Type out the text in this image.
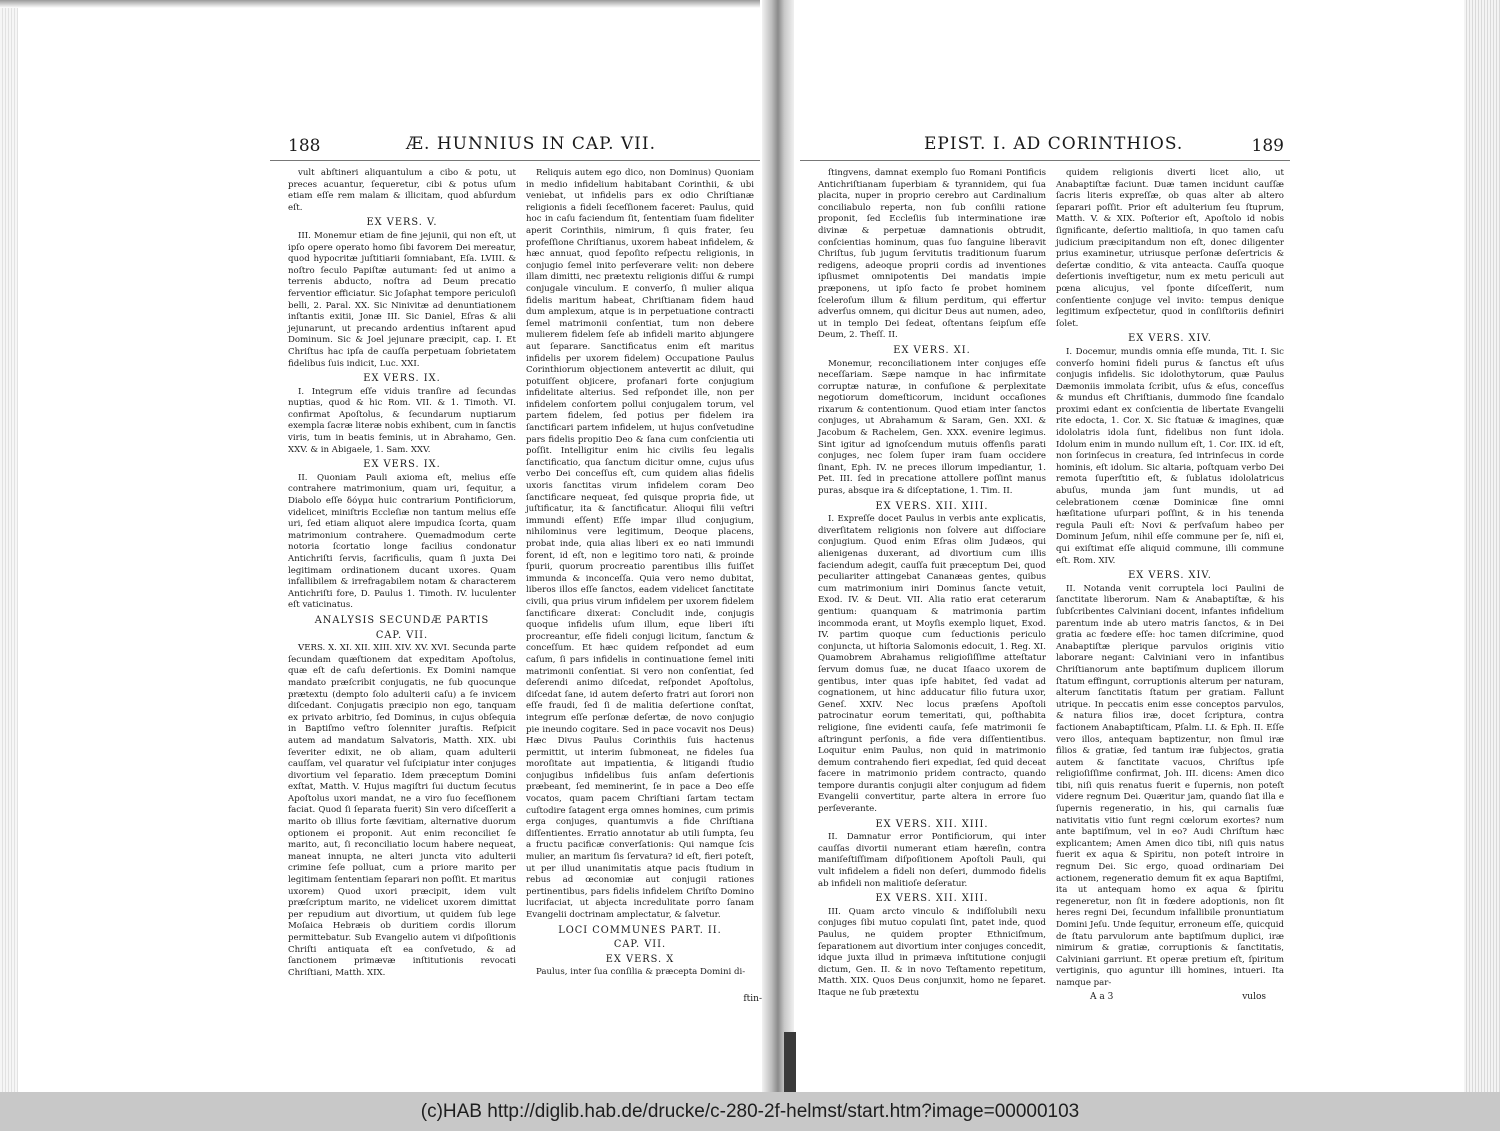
188	Æ. HUNNIUS IN CAP. VII.

vult abſtineri aliquantulum a cibo & potu, ut preces acuantur, ſequeretur, cibi & potus uſum etiam eſſe rem malam & illicitam, quod abſurdum eſt.

EX VERS. V.

III. Monemur etiam de fine jejunii, qui non eſt, ut ipſo opere operato homo ſibi favorem Dei mereatur, quod hypocritæ juſtitiarii ſomniabant, Eſa. LVIII. & noſtro ſeculo Papiſtæ autumant: ſed ut animo a terrenis abducto, noſtra ad Deum precatio ferventior efficiatur. Sic Joſaphat tempore periculoſi belli, 2. Paral. XX. Sic Ninivitæ ad denuntiationem inſtantis exitii, Jonæ III. Sic Daniel, Eſras & alii jejunarunt, ut precando ardentius inſtarent apud Dominum. Sic & Joel jejunare præcipit, cap. I. Et Chriſtus hac ipſa de cauſſa perpetuam ſobrietatem fidelibus ſuis indicit, Luc. XXI.

EX VERS. IX.

I. Integrum eſſe viduis tranſire ad ſecundas nuptias, quod & hic Rom. VII. & 1. Timoth. VI. confirmat Apoſtolus, & ſecundarum nuptiarum exempla ſacræ literæ nobis exhibent, cum in ſanctis viris, tum in beatis feminis, ut in Abrahamo, Gen. XXV. & in Abigaele, 1. Sam. XXV.

EX VERS. IX.

II. Quoniam Pauli axioma eſt, melius eſſe contrahere matrimonium, quam uri, ſequitur, a Diabolo eſſe δόγμα huic contrarium Pontificiorum, videlicet, miniſtris Eccleſiæ non tantum melius eſſe uri, ſed etiam aliquot alere impudica ſcorta, quam matrimonium contrahere. Quemadmodum certe notoria ſcortatio longe facilius condonatur Antichriſti ſervis, ſacrificulis, quam ſi juxta Dei legitimam ordinationem ducant uxores. Quam infallibilem & irrefragabilem notam & characterem Antichriſti fore, D. Paulus 1. Timoth. IV. luculenter eſt vaticinatus.

ANALYSIS SECUNDÆ PARTIS
CAP. VII.

VERS. X. XI. XII. XIII. XIV. XV. XVI. Secunda parte ſecundam quæſtionem dat expeditam Apoſtolus, quæ eſt de caſu deſertionis. Ex Domini namque mandato præſcribit conjugatis, ne ſub quocunque prætextu (dempto ſolo adulterii caſu) a ſe invicem diſcedant. Conjugatis præcipio non ego, tanquam ex privato arbitrio, ſed Dominus, in cujus obſequia in Baptiſmo veſtro ſolenniter juraſtis. Reſpicit autem ad mandatum Salvatoris, Matth. XIX. ubi ſeveriter edixit, ne ob aliam, quam adulterii cauſſam, vel quaratur vel ſuſcipiatur inter conjuges divortium vel ſeparatio. Idem præceptum Domini exſtat, Matth. V. Hujus magiſtri ſui ductum ſecutus Apoſtolus uxori mandat, ne a viro ſuo ſeceſſionem faciat. Quod ſi ſeparata fuerit) Sin vero diſceſſerit a marito ob illius forte ſævitiam, alternative duorum optionem ei proponit. Aut enim reconciliet ſe marito, aut, ſi reconciliatio locum habere nequeat, maneat innupta, ne alteri juncta vito adulterii crimine ſeſe polluat, cum a priore marito per legitimam ſententiam ſeparari non poſſit. Et maritus uxorem) Quod uxori præcipit, idem vult præſcriptum marito, ne videlicet uxorem dimittat per repudium aut divortium, ut quidem ſub lege Moſaica Hebræis ob duritiem cordis illorum permittebatur. Sub Evangelio autem vi diſpoſitionis Chriſti antiquata eſt ea conſvetudo, & ad ſanctionem primævæ inſtitutionis revocati Chriſtiani, Matth. XIX.

Reliquis autem ego dico, non Dominus) Quoniam in medio infidelium habitabant Corinthii, & ubi veniebat, ut infidelis pars ex odio Chriſtianæ religionis a fideli ſeceſſionem faceret: Paulus, quid hoc in caſu faciendum ſit, ſententiam ſuam fideliter aperit Corinthiis, nimirum, ſi quis frater, ſeu profeſſione Chriſtianus, uxorem habeat infidelem, & hæc annuat, quod ſepoſito reſpectu religionis, in conjugio ſemel inito perſeverare velit: non debere illam dimitti, nec prætextu religionis diſſui & rumpi conjugale vinculum. E converſo, ſi mulier aliqua fidelis maritum habeat, Chriſtianam fidem haud dum amplexum, atque is in perpetuatione contracti ſemel matrimonii conſentiat, tum non debere mulierem fidelem ſeſe ab infideli marito abjungere aut ſeparare. Sanctificatus enim eſt maritus infidelis per uxorem fidelem) Occupatione Paulus Corinthiorum objectionem antevertit ac diluit, qui potuiſſent objicere, profanari forte conjugium infidelitate alterius. Sed reſpondet ille, non per infidelem conſortem pollui conjugalem torum, vel partem fidelem, ſed potius per fidelem ira ſanctificari partem infidelem, ut hujus conſvetudine pars fidelis propitio Deo & ſana cum conſcientia uti poſſit. Intelligitur enim hic civilis ſeu legalis ſanctificatio, qua ſanctum dicitur omne, cujus uſus verbo Dei conceſſus eſt, cum quidem alias fidelis uxoris ſanctitas virum infidelem coram Deo ſanctificare nequeat, ſed quisque propria fide, ut juſtificatur, ita & ſanctificatur. Alioqui filii veſtri immundi eſſent) Eſſe impar illud conjugium, nihilominus vere legitimum, Deoque placens, probat inde, quia alias liberi ex eo nati immundi forent, id eſt, non e legitimo toro nati, & proinde ſpurii, quorum procreatio parentibus illis fuiſſet immunda & inconceſſa. Quia vero nemo dubitat, liberos illos eſſe ſanctos, eadem videlicet ſanctitate civili, qua prius virum infidelem per uxorem fidelem ſanctificare dixerat: Concludit inde, conjugis quoque infidelis uſum illum, eque liberi iſti procreantur, eſſe fideli conjugi licitum, ſanctum & conceſſum. Et hæc quidem reſpondet ad eum caſum, ſi pars infidelis in continuatione ſemel initi matrimonii conſentiat. Si vero non conſentiat, ſed deſerendi animo diſcedat, reſpondet Apoſtolus, diſcedat ſane, id autem deſerto fratri aut ſorori non eſſe fraudi, ſed ſi de malitia deſertione conſtat, integrum eſſe perſonæ deſertæ, de novo conjugio pie ineundo cogitare. Sed in pace vocavit nos Deus) Hæc Divus Paulus Corinthiis ſuis hactenus permittit, ut interim ſubmoneat, ne fideles ſua moroſitate aut impatientia, & litigandi ſtudio conjugibus infidelibus ſuis anſam deſertionis præbeant, ſed meminerint, ſe in pace a Deo eſſe vocatos, quam pacem Chriſtiani ſartam tectam cuſtodire ſatagent erga omnes homines, cum primis erga conjuges, quantumvis a fide Chriſtiana diſſentientes. Erratio annotatur ab utili ſumpta, ſeu a fructu pacificæ converſationis: Qui namque ſcis mulier, an maritum ſis ſervatura? id eſt, fieri poteſt, ut per illud unanimitatis atque pacis ſtudium in rebus ad œconomiæ aut conjugii rationes pertinentibus, pars fidelis infidelem Chriſto Domino lucrifaciat, ut abjecta incredulitate porro ſanam Evangelii doctrinam amplectatur, & ſalvetur.

LOCI COMMUNES PART. II.
CAP. VII.
EX VERS. X

Paulus, inter ſua conſilia & præcepta Domini di-

ftin-
EPIST. I. AD CORINTHIOS.	189

ſtingvens, damnat exemplo ſuo Romani Pontificis Antichriſtianam ſuperbiam & tyrannidem, qui ſua placita, nuper in proprio cerebro aut Cardinalium conciliabulo reperta, non ſub conſilii ratione proponit, ſed Eccleſiis ſub interminatione iræ divinæ & perpetuæ damnationis obtrudit, conſcientias hominum, quas ſuo ſanguine liberavit Chriſtus, ſub jugum ſervitutis traditionum ſuarum redigens, adeoque proprii cordis ad inventiones ipſiusmet omnipotentis Dei mandatis impie præponens, ut ipſo facto ſe probet hominem ſceleroſum illum & filium perditum, qui effertur adverſus omnem, qui dicitur Deus aut numen, adeo, ut in templo Dei ſedeat, oſtentans ſeipſum eſſe Deum, 2. Theſſ. II.

EX VERS. XI.

Monemur, reconciliationem inter conjuges eſſe neceſſariam. Sæpe namque in hac infirmitate corruptæ naturæ, in confuſione & perplexitate negotiorum domeſticorum, incidunt occaſiones rixarum & contentionum. Quod etiam inter ſanctos conjuges, ut Abrahamum & Saram, Gen. XXI. & Jacobum & Rachelem, Gen. XXX. evenire legimus. Sint igitur ad ignoſcendum mutuis offenſis parati conjuges, nec ſolem ſuper iram ſuam occidere ſinant, Eph. IV. ne preces illorum impediantur, 1. Pet. III. ſed in precatione attollere poſſint manus puras, absque ira & diſceptatione, 1. Tim. II.

EX VERS. XII. XIII.

I. Expreſſe docet Paulus in verbis ante explicatis, diverſitatem religionis non ſolvere aut diſſociare conjugium. Quod enim Eſras olim Judæos, qui alienigenas duxerant, ad divortium cum illis faciendum adegit, cauſſa fuit præceptum Dei, quod peculiariter attingebat Cananæas gentes, quibus cum matrimonium iniri Dominus ſancte vetuit, Exod. IV. & Deut. VII. Alia ratio erat ceterarum gentium: quanquam & matrimonia partim incommoda erant, ut Moyſis exemplo liquet, Exod. IV. partim quoque cum ſeductionis periculo conjuncta, ut hiſtoria Salomonis edocuit, 1. Reg. XI. Quamobrem Abrahamus religioſiſſime atteſtatur ſervum domus ſuæ, ne ducat Iſaaco uxorem de gentibus, inter quas ipſe habitet, ſed vadat ad cognationem, ut hinc adducatur filio futura uxor, Geneſ. XXIV. Nec locus præſens Apoſtoli patrocinatur eorum temeritati, qui, poſthabita religione, ſine evidenti cauſa, ſeſe matrimonii ſe aſtringunt perſonis, a fide vera diſſentientibus. Loquitur enim Paulus, non quid in matrimonio demum contrahendo fieri expediat, ſed quid deceat facere in matrimonio pridem contracto, quando tempore durantis conjugii alter conjugum ad fidem Evangelii convertitur, parte altera in errore ſuo perſeverante.

EX VERS. XII. XIII.

II. Damnatur error Pontificiorum, qui inter cauſſas divortii numerant etiam hæreſin, contra maniſeſtiſſimam diſpoſitionem Apoſtoli Pauli, qui vult infidelem a fideli non deſeri, dummodo fidelis ab infideli non malitioſe deſeratur.

EX VERS. XII. XIII.

III. Quam arcto vinculo & indiſſolubili nexu conjuges ſibi mutuo copulati ſint, patet inde, quod Paulus, ne quidem propter Ethniciſmum, ſeparationem aut divortium inter conjuges concedit, idque juxta illud in primæva inſtitutione conjugii dictum, Gen. II. & in novo Teſtamento repetitum, Matth. XIX. Quos Deus conjunxit, homo ne ſeparet. Itaque ne ſub prætextu

quidem religionis diverti licet alio, ut Anabaptiſtæ faciunt. Duæ tamen incidunt cauſſæ ſacris literis expreſſæ, ob quas alter ab altero ſeparari poſſit. Prior eſt adulterium ſeu ſtuprum, Matth. V. & XIX. Poſterior eſt, Apoſtolo id nobis ſignificante, deſertio malitioſa, in quo tamen caſu judicium præcipitandum non eſt, donec diligenter prius examinetur, utriusque perſonæ deſertricis & deſertæ conditio, & vita anteacta. Cauſſa quoque deſertionis inveſtigetur, num ex metu periculi aut pœna alicujus, vel ſponte diſceſſerit, num conſentiente conjuge vel invito: tempus denique legitimum exſpectetur, quod in conſiſtoriis definiri ſolet.

EX VERS. XIV.

I. Docemur, mundis omnia eſſe munda, Tit. I. Sic converſo homini fideli purus & ſanctus eſt uſus conjugis infidelis. Sic idolothytorum, quæ Paulus Dæmoniis immolata ſcribit, uſus & eſus, conceſſus & mundus eſt Chriſtianis, dummodo ſine ſcandalo proximi edant ex conſcientia de libertate Evangelii rite edocta, 1. Cor. X. Sic ſtatuæ & imagines, quæ idololatris idola ſunt, fidelibus non ſunt idola. Idolum enim in mundo nullum eſt, 1. Cor. IIX. id eſt, non ſorinſecus in creatura, ſed intrinſecus in corde hominis, eſt idolum. Sic altaria, poſtquam verbo Dei remota ſuperſtitio eſt, & ſublatus idololatricus abuſus, munda jam ſunt mundis, ut ad celebrationem cœnæ Dominicæ ſine omni hæſitatione uſurpari poſſint, & in his tenenda regula Pauli eſt: Novi & perſvaſum habeo per Dominum Jeſum, nihil eſſe commune per ſe, niſi ei, qui exiſtimat eſſe aliquid commune, illi commune eſt. Rom. XIV.

EX VERS. XIV.

II. Notanda venit corruptela loci Paulini de ſanctitate liberorum. Nam & Anabaptiſtæ, & his ſubſcribentes Calviniani docent, infantes infidelium parentum inde ab utero matris ſanctos, & in Dei gratia ac fœdere eſſe: hoc tamen diſcrimine, quod Anabaptiſtæ plerique parvulos originis vitio laborare negant: Calviniani vero in infantibus Chriſtianorum ante baptiſmum duplicem illorum ſtatum effingunt, corruptionis alterum per naturam, alterum ſanctitatis ſtatum per gratiam. Fallunt utrique. In peccatis enim esse conceptos parvulos, & natura filios iræ, docet ſcriptura, contra factionem Anabaptiſticam, Pſalm. LI. & Eph. II. Eſſe vero illos, antequam baptizentur, non ſimul iræ filios & gratiæ, ſed tantum iræ ſubjectos, gratia autem & ſanctitate vacuos, Chriſtus ipſe religioſiſſime confirmat, Joh. III. dicens: Amen dico tibi, niſi quis renatus fuerit e ſupernis, non poteſt videre regnum Dei. Quæritur jam, quando ſiat illa e ſupernis regeneratio, in his, qui carnalis ſuæ nativitatis vitio ſunt regni cœlorum exortes? num ante baptiſmum, vel in eo? Audi Chriſtum hæc explicantem; Amen Amen dico tibi, niſi quis natus fuerit ex aqua & Spiritu, non poteſt introire in regnum Dei. Sic ergo, quoad ordinariam Dei actionem, regeneratio demum fit ex aqua Baptiſmi, ita ut antequam homo ex aqua & ſpiritu regeneretur, non ſit in fœdere adoptionis, non ſit heres regni Dei, ſecundum infallibile pronuntiatum Domini Jeſu. Unde ſequitur, erroneum eſſe, quicquid de ſtatu parvulorum ante baptiſmum duplici, iræ nimirum & gratiæ, corruptionis & ſanctitatis, Calviniani garriunt. Et operæ pretium eſt, ſpiritum vertiginis, quo aguntur illi homines, intueri. Ita namque par-

A a 3	vulos
(c)HAB http://diglib.hab.de/drucke/c-280-2f-helmst/start.htm?image=00000103
